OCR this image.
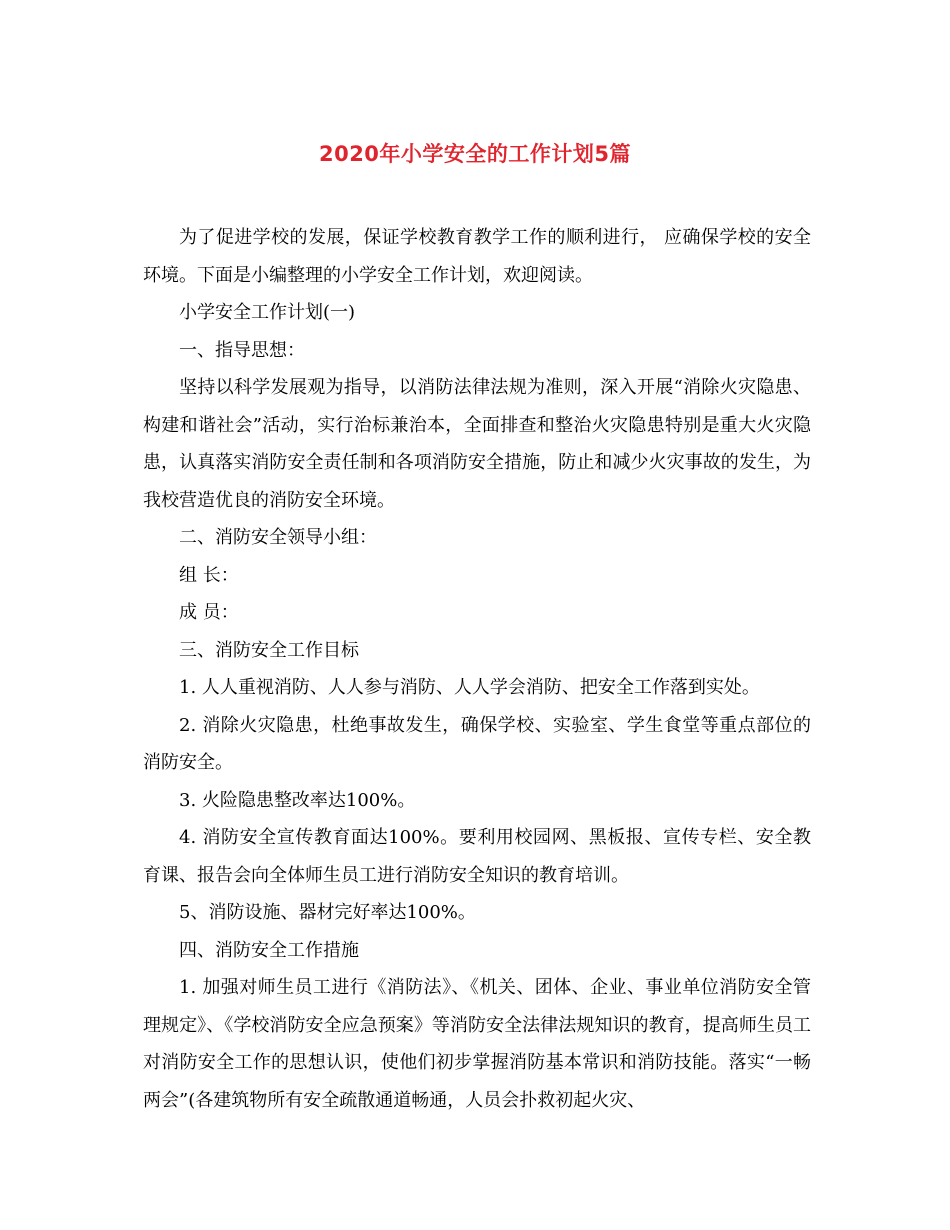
2020年小学安全的工作计划5篇

为了促进学校的发展，保证学校教育教学工作的顺利进行， 应确保学校的安全环境。下面是小编整理的小学安全工作计划，欢迎阅读。

小学安全工作计划(一)

一、指导思想：

坚持以科学发展观为指导，以消防法律法规为准则，深入开展“消除火灾隐患、构建和谐社会”活动，实行治标兼治本，全面排查和整治火灾隐患特别是重大火灾隐患，认真落实消防安全责任制和各项消防安全措施，防止和减少火灾事故的发生，为我校营造优良的消防安全环境。

二、消防安全领导小组：

组 长：

成 员：

三、消防安全工作目标

1. 人人重视消防、人人参与消防、人人学会消防、把安全工作落到实处。

2. 消除火灾隐患，杜绝事故发生，确保学校、实验室、学生食堂等重点部位的消防安全。

3. 火险隐患整改率达100%。

4. 消防安全宣传教育面达100%。要利用校园网、黑板报、宣传专栏、安全教育课、报告会向全体师生员工进行消防安全知识的教育培训。

5、消防设施、器材完好率达100%。

四、消防安全工作措施

1. 加强对师生员工进行《消防法》、《机关、团体、企业、事业单位消防安全管理规定》、《学校消防安全应急预案》等消防安全法律法规知识的教育，提高师生员工对消防安全工作的思想认识，使他们初步掌握消防基本常识和消防技能。落实“一畅两会”(各建筑物所有安全疏散通道畅通，人员会扑救初起火灾、
